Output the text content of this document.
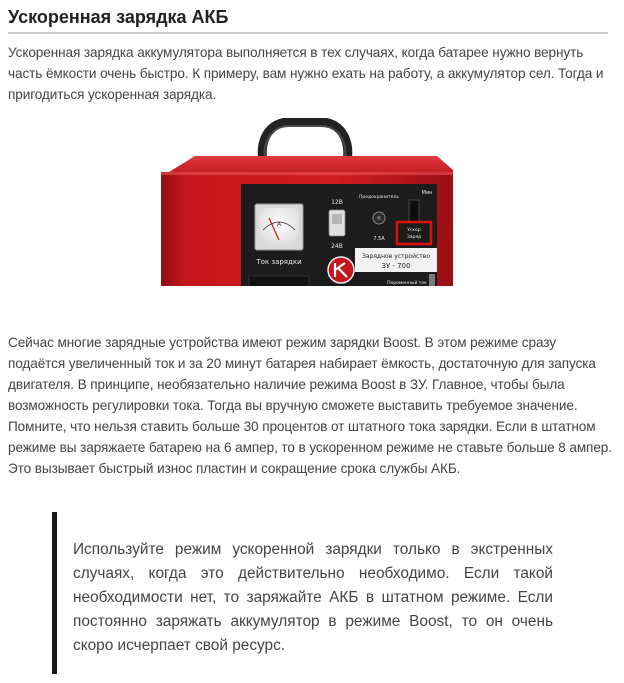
Ускоренная зарядка АКБ

Ускоренная зарядка аккумулятора выполняется в тех случаях, когда батарее нужно вернуть часть ёмкости очень быстро. К примеру, вам нужно ехать на работу, а аккумулятор сел. Тогда и пригодиться ускоренная зарядка.

A
Ток зарядки
12В
24В
Предохранитель
7.5A
Мин
Ускор
Заряд
Зарядное устройство
ЗУ - 700
Переменный ток

Сейчас многие зарядные устройства имеют режим зарядки Boost. В этом режиме сразу подаётся увеличенный ток и за 20 минут батарея набирает ёмкость, достаточную для запуска двигателя. В принципе, необязательно наличие режима Boost в ЗУ. Главное, чтобы была возможность регулировки тока. Тогда вы вручную сможете выставить требуемое значение. Помните, что нельзя ставить больше 30 процентов от штатного тока зарядки. Если в штатном режиме вы заряжаете батарею на 6 ампер, то в ускоренном режиме не ставьте больше 8 ампер. Это вызывает быстрый износ пластин и сокращение срока службы АКБ.

Используйте режим ускоренной зарядки только в экстренных случаях, когда это действительно необходимо. Если такой необходимости нет, то заряжайте АКБ в штатном режиме. Если постоянно заряжать аккумулятор в режиме Boost, то он очень скоро исчерпает свой ресурс.
